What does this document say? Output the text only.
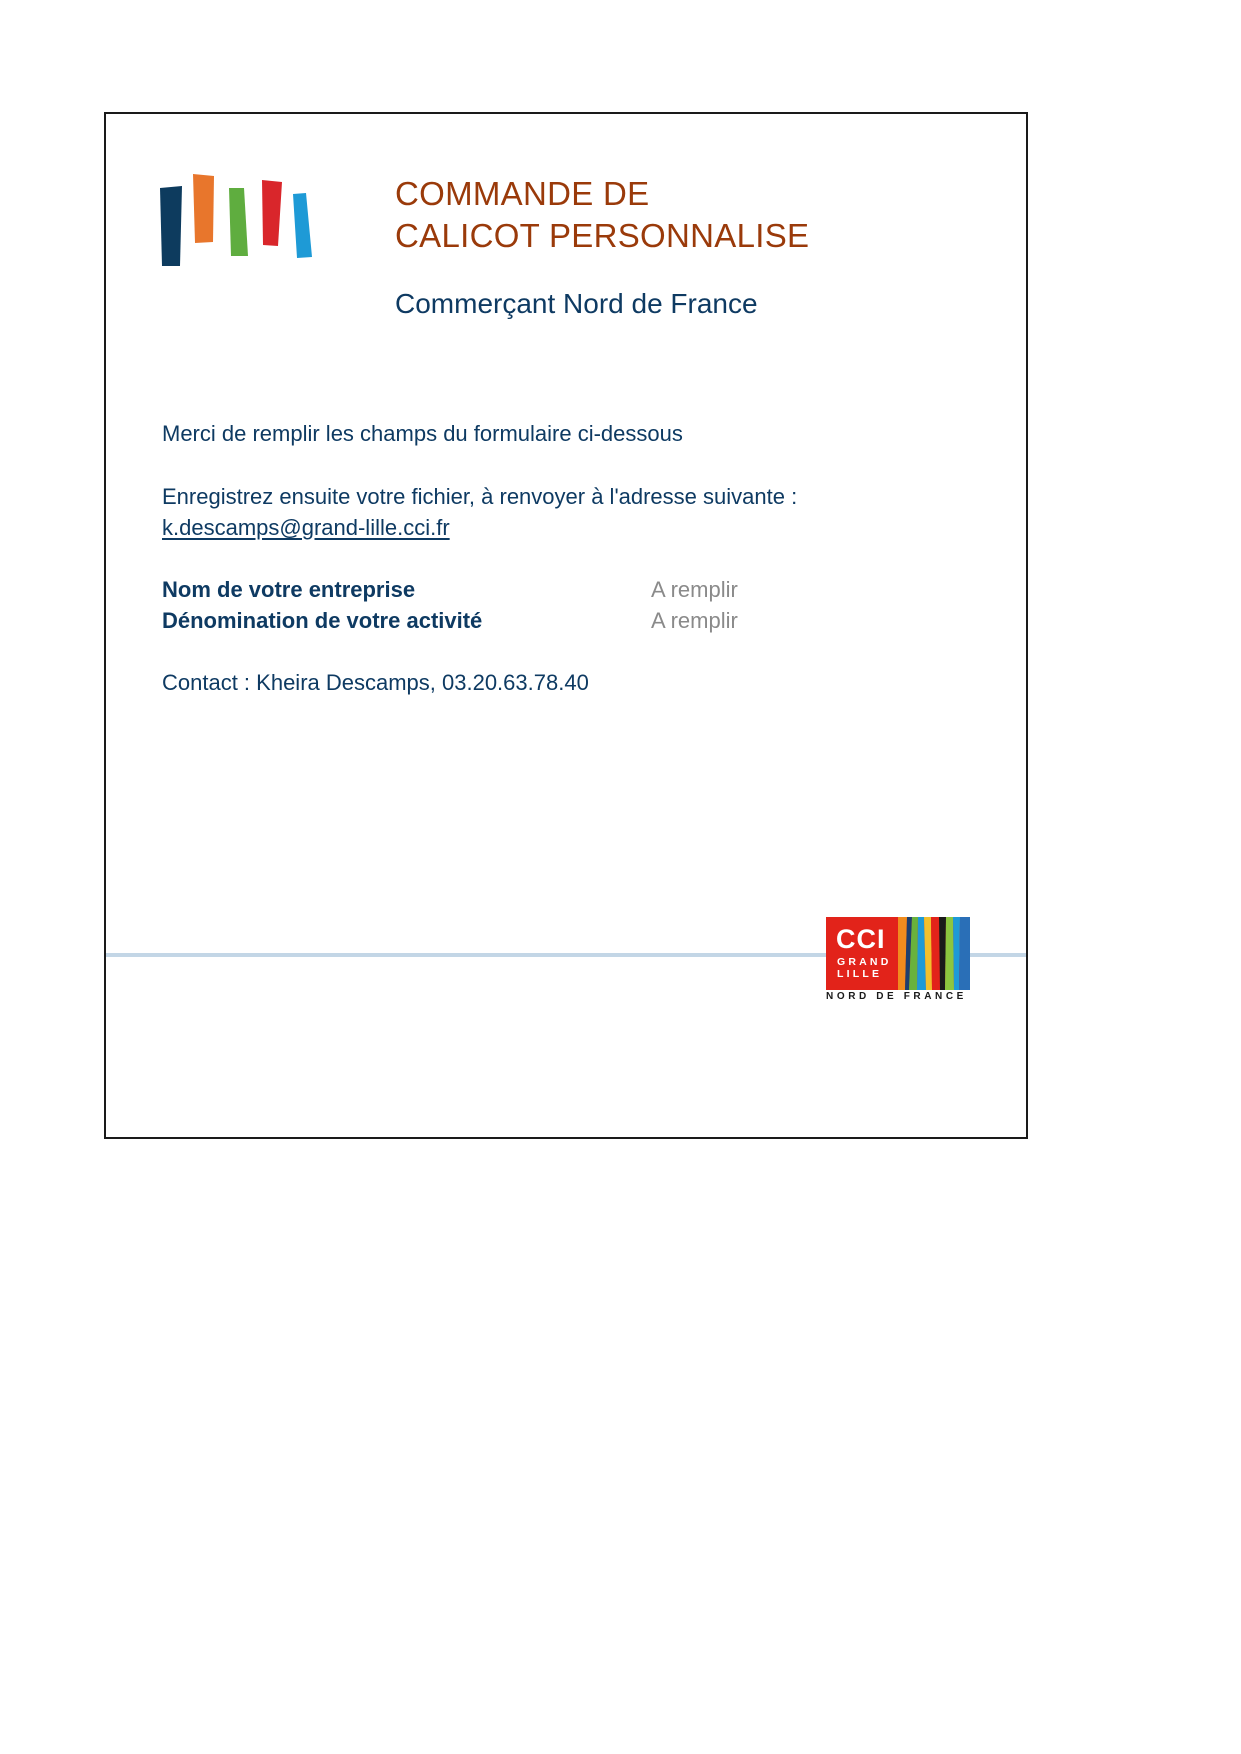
COMMANDE DE
CALICOT PERSONNALISE
Commerçant Nord de France
Merci de remplir les champs du formulaire ci-dessous
Enregistrez ensuite votre fichier, à renvoyer à l'adresse suivante :
k.descamps@grand-lille.cci.fr
Nom de votre entreprise	A remplir
Dénomination de votre activité	A remplir
Contact : Kheira Descamps, 03.20.63.78.40
CCI
GRAND
LILLE
NORD DE FRANCE
